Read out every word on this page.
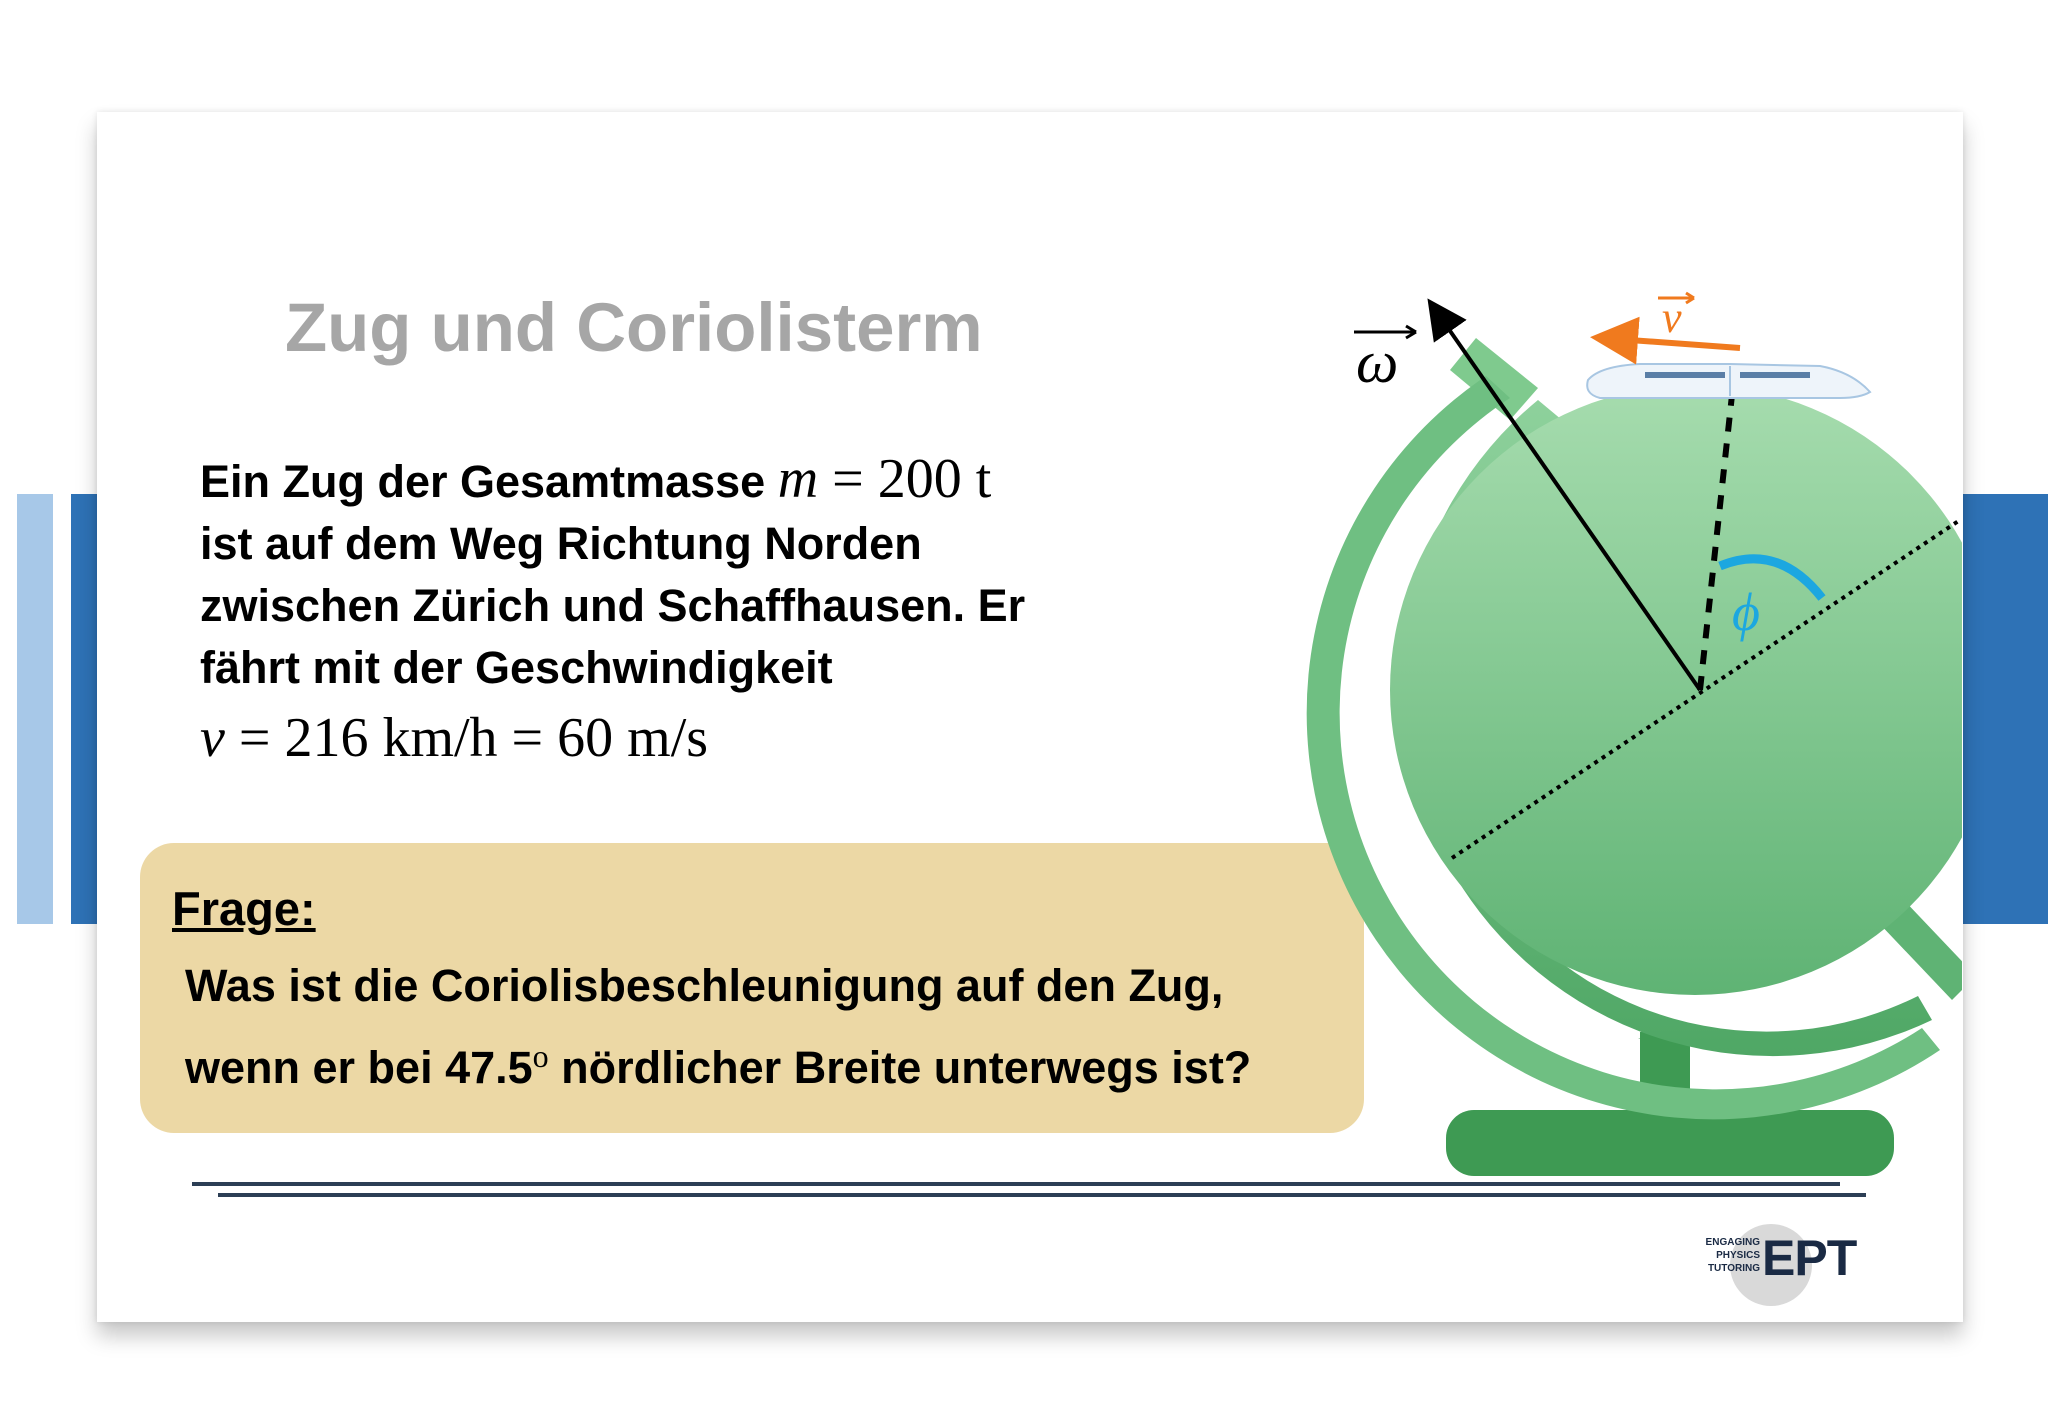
Zug und Coriolisterm
Ein Zug der Gesamtmasse m = 200 t
ist auf dem Weg Richtung Norden
zwischen Zürich und Schaffhausen. Er
fährt mit der Geschwindigkeit
v = 216 km/h = 60 m/s
Frage:
Was ist die Coriolisbeschleunigung auf den Zug,
wenn er bei 47.5$^o$ nördlicher Breite unterwegs ist?
ω
v
ϕ
ENGAGING
PHYSICS
TUTORING EPT
